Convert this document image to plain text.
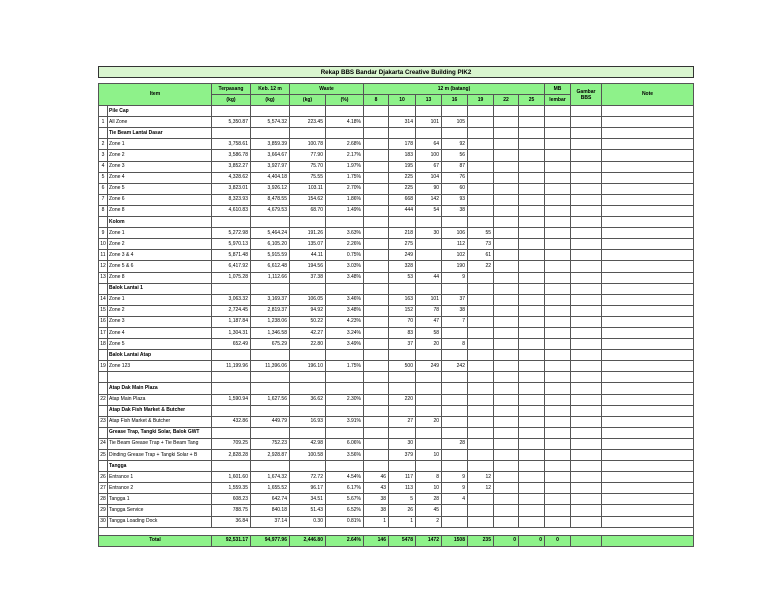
Rekap BBS Bandar Djakarta Creative Building PIK2															

Item		Terpasang	Keb. 12 m	Waste		12 m (batang)							MB	Gambar BBS	Note
		(kg)	(kg)	(kg)	(%)	8	10	13	16	19	22	25	lembar		
	Pile Cap														
1	All Zone	5,350.87	5,574.32	223.45	4.18%		314	101	105						
	Tie Beam Lantai Dasar														
2	Zone 1	3,758.61	3,859.39	100.78	2.68%		178	64	92						
3	Zone 2	3,586.78	3,664.67	77.90	2.17%		183	100	56						
4	Zone 3	3,852.27	3,927.97	75.70	1.97%		195	67	87						
5	Zone 4	4,328.62	4,404.18	75.55	1.75%		225	104	76						
6	Zone 5	3,823.01	3,926.12	103.11	2.70%		225	90	60						
7	Zone 6	8,323.93	8,478.55	154.62	1.86%		668	142	93						
8	Zone 8	4,610.83	4,679.53	68.70	1.49%		444	54	38						
	Kolom														
9	Zone 1	5,272.98	5,464.24	191.26	3.63%		218	30	106	55					
10	Zone 2	5,970.13	6,105.20	135.07	2.26%		275		112	73					
11	Zone 3 & 4	5,871.48	5,915.59	44.11	0.75%		249		102	61					
12	Zone 5 & 6	6,417.92	6,612.48	194.56	3.03%		328		190	22					
13	Zone 8	1,075.28	1,112.66	37.38	3.48%		53	44	9						
	Balok Lantai 1														
14	Zone 1	3,063.32	3,169.37	106.05	3.46%		163	101	37						
15	Zone 2	2,724.45	2,819.37	94.92	3.48%		152	78	38						
16	Zone 3	1,187.84	1,238.06	50.22	4.23%		70	47	7						
17	Zone 4	1,304.31	1,346.58	42.27	3.24%		83	58							
18	Zone 5	652.49	675.29	22.80	3.49%		37	20	8						
	Balok Lantai Atap														
19	Zone 123	11,199.96	11,396.06	196.10	1.75%		500	249	242						

	Atap Dak Main Plaza														
22	Atap Main Plaza	1,590.94	1,627.56	36.62	2.30%		220								
	Atap Dak Fish Market & Butcher														
23	Atap Fish Market & Butcher	432.86	449.79	16.93	3.91%		27	20							
	Grease Trap, Tangki Solar, Balok GWT														
24	Tie Beam Grease Trap + Tie Beam Tang	709.25	752.23	42.98	6.06%		30		28						
25	Dinding Grease Trap + Tangki Solar + B	2,828.28	2,928.87	100.58	3.56%		379	10							
	Tangga														
26	Entrance 1	1,601.60	1,674.32	72.72	4.54%	46	117	8	9	12					
27	Entrance 2	1,559.35	1,655.52	96.17	6.17%	43	113	10	9	12					
28	Tangga 1	608.23	642.74	34.51	5.67%	38	5	28	4						
29	Tangga Service	788.75	840.18	51.43	6.52%	38	26	45							
30	Tangga Loading Dock	36.84	37.14	0.30	0.81%	1	1	2							

Total		92,531.17	94,977.96	2,446.80	2.64%	146	5478	1472	1508	235	0	0	0		
